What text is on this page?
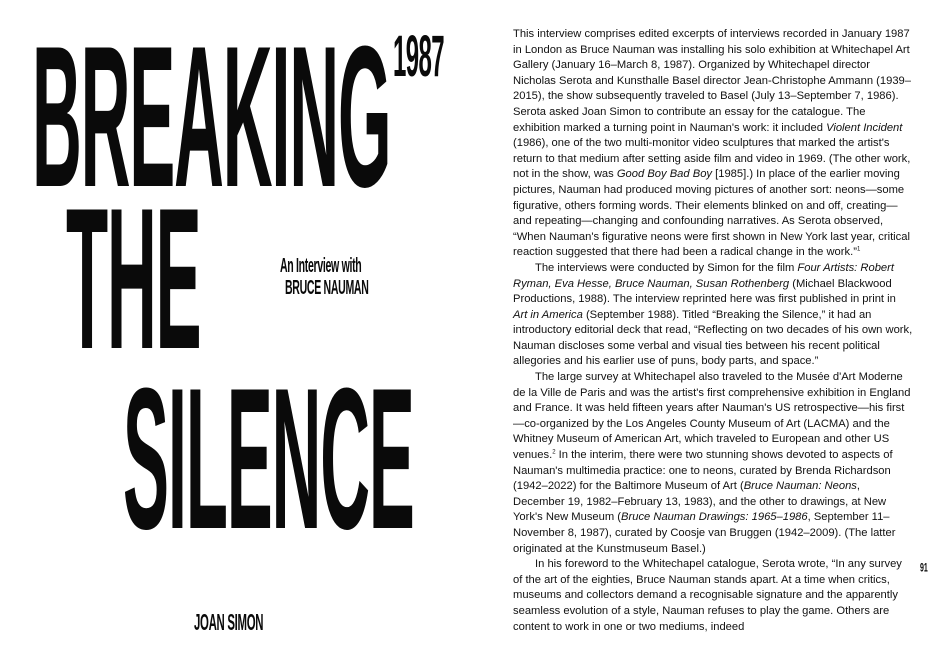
BREAKING 1987
THE
SILENCE
An Interview with
BRUCE NAUMAN
JOAN SIMON

This interview comprises edited excerpts of interviews recorded in January 1987 in London as Bruce Nauman was installing his solo exhibition at Whitechapel Art Gallery (January 16–March 8, 1987). Organized by Whitechapel director Nicholas Serota and Kunsthalle Basel director Jean-Christophe Ammann (1939–2015), the show subsequently traveled to Basel (July 13–September 7, 1986). Serota asked Joan Simon to contribute an essay for the catalogue. The exhibition marked a turning point in Nauman's work: it included Violent Incident (1986), one of the two multi-monitor video sculptures that marked the artist's return to that medium after setting aside film and video in 1969. (The other work, not in the show, was Good Boy Bad Boy [1985].) In place of the earlier moving pictures, Nauman had produced moving pictures of another sort: neons—some figurative, others forming words. Their elements blinked on and off, creating—and repeating—changing and confounding narratives. As Serota observed, “When Nauman's figurative neons were first shown in New York last year, critical reaction suggested that there had been a radical change in the work.”$^1$

The interviews were conducted by Simon for the film Four Artists: Robert Ryman, Eva Hesse, Bruce Nauman, Susan Rothenberg (Michael Blackwood Productions, 1988). The interview reprinted here was first published in print in Art in America (September 1988). Titled “Breaking the Silence,” it had an introductory editorial deck that read, “Reflecting on two decades of his own work, Nauman discloses some verbal and visual ties between his recent political allegories and his earlier use of puns, body parts, and space.”

The large survey at Whitechapel also traveled to the Musée d'Art Moderne de la Ville de Paris and was the artist's first comprehensive exhibition in England and France. It was held fifteen years after Nauman's US retrospective—his first—co-organized by the Los Angeles County Museum of Art (LACMA) and the Whitney Museum of American Art, which traveled to European and other US venues.$^2$ In the interim, there were two stunning shows devoted to aspects of Nauman's multimedia practice: one to neons, curated by Brenda Richardson (1942–2022) for the Baltimore Museum of Art (Bruce Nauman: Neons, December 19, 1982–February 13, 1983), and the other to drawings, at New York's New Museum (Bruce Nauman Drawings: 1965–1986, September 11–November 8, 1987), curated by Coosje van Bruggen (1942–2009). (The latter originated at the Kunstmuseum Basel.)

In his foreword to the Whitechapel catalogue, Serota wrote, “In any survey of the art of the eighties, Bruce Nauman stands apart. At a time when critics, museums and collectors demand a recognisable signature and the apparently seamless evolution of a style, Nauman refuses to play the game. Others are content to work in one or two mediums, indeed

91
